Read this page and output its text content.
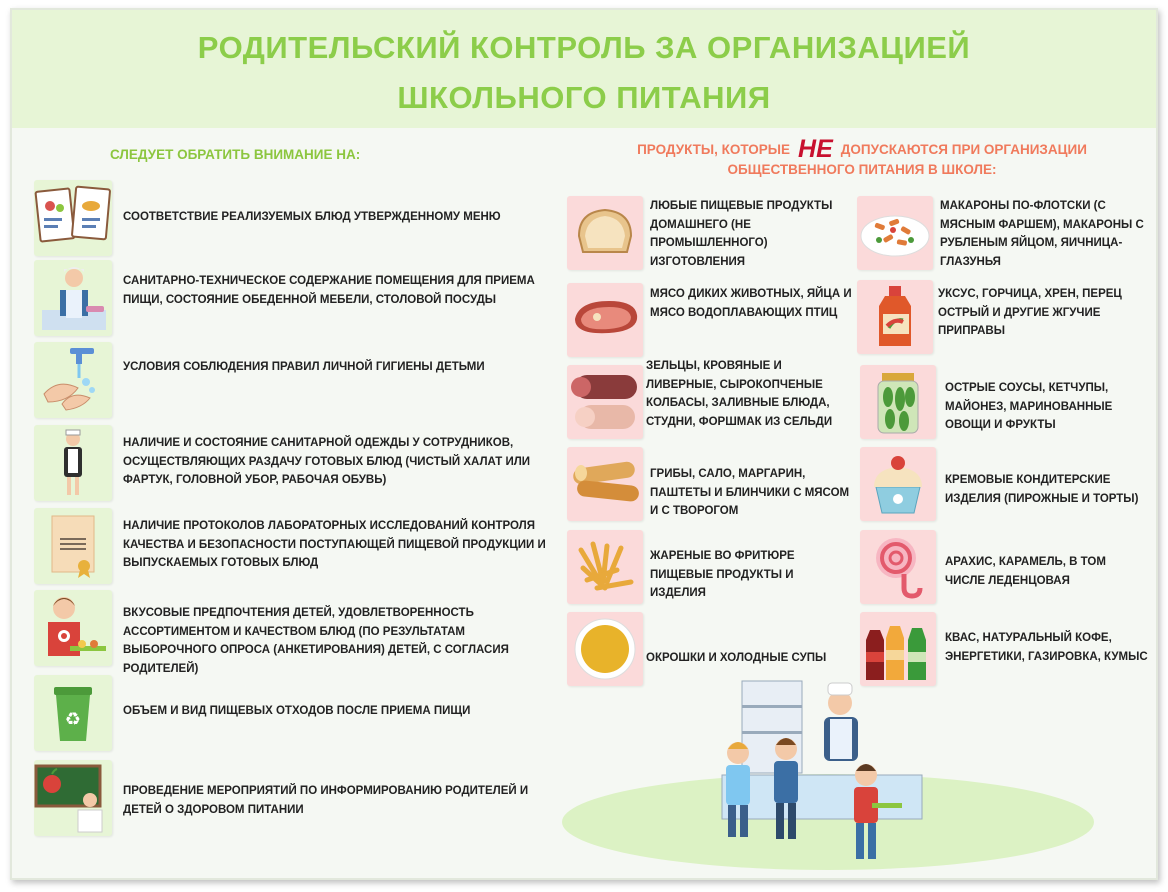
РОДИТЕЛЬСКИЙ КОНТРОЛЬ ЗА ОРГАНИЗАЦИЕЙ
ШКОЛЬНОГО ПИТАНИЯ
СЛЕДУЕТ ОБРАТИТЬ ВНИМАНИЕ НА:	ПРОДУКТЫ, КОТОРЫЕ НЕ ДОПУСКАЮТСЯ ПРИ ОРГАНИЗАЦИИ
ОБЩЕСТВЕННОГО ПИТАНИЯ В ШКОЛЕ:
СООТВЕТСТВИЕ РЕАЛИЗУЕМЫХ БЛЮД УТВЕРЖДЕННОМУ МЕНЮ
САНИТАРНО-ТЕХНИЧЕСКОЕ СОДЕРЖАНИЕ ПОМЕЩЕНИЯ ДЛЯ ПРИЕМА ПИЩИ, СОСТОЯНИЕ ОБЕДЕННОЙ МЕБЕЛИ, СТОЛОВОЙ ПОСУДЫ
УСЛОВИЯ СОБЛЮДЕНИЯ ПРАВИЛ ЛИЧНОЙ ГИГИЕНЫ ДЕТЬМИ
НАЛИЧИЕ И СОСТОЯНИЕ САНИТАРНОЙ ОДЕЖДЫ У СОТРУДНИКОВ, ОСУЩЕСТВЛЯЮЩИХ РАЗДАЧУ ГОТОВЫХ БЛЮД (ЧИСТЫЙ ХАЛАТ ИЛИ ФАРТУК, ГОЛОВНОЙ УБОР, РАБОЧАЯ ОБУВЬ)
НАЛИЧИЕ ПРОТОКОЛОВ ЛАБОРАТОРНЫХ ИССЛЕДОВАНИЙ КОНТРОЛЯ КАЧЕСТВА И БЕЗОПАСНОСТИ ПОСТУПАЮЩЕЙ ПИЩЕВОЙ ПРОДУКЦИИ И ВЫПУСКАЕМЫХ ГОТОВЫХ БЛЮД
ВКУСОВЫЕ ПРЕДПОЧТЕНИЯ ДЕТЕЙ, УДОВЛЕТВОРЕННОСТЬ АССОРТИМЕНТОМ И КАЧЕСТВОМ БЛЮД (ПО РЕЗУЛЬТАТАМ ВЫБОРОЧНОГО ОПРОСА (АНКЕТИРОВАНИЯ) ДЕТЕЙ, С СОГЛАСИЯ РОДИТЕЛЕЙ)
♻	ОБЪЕМ И ВИД ПИЩЕВЫХ ОТХОДОВ ПОСЛЕ ПРИЕМА ПИЩИ
ПРОВЕДЕНИЕ МЕРОПРИЯТИЙ ПО ИНФОРМИРОВАНИЮ РОДИТЕЛЕЙ И ДЕТЕЙ О ЗДОРОВОМ ПИТАНИИ
ЛЮБЫЕ ПИЩЕВЫЕ ПРОДУКТЫ ДОМАШНЕГО (НЕ ПРОМЫШЛЕННОГО) ИЗГОТОВЛЕНИЯ
МЯСО ДИКИХ ЖИВОТНЫХ, ЯЙЦА И МЯСО ВОДОПЛАВАЮЩИХ ПТИЦ
ЗЕЛЬЦЫ, КРОВЯНЫЕ И ЛИВЕРНЫЕ, СЫРОКОПЧЕНЫЕ КОЛБАСЫ, ЗАЛИВНЫЕ БЛЮДА, СТУДНИ, ФОРШМАК ИЗ СЕЛЬДИ
ГРИБЫ, САЛО, МАРГАРИН, ПАШТЕТЫ И БЛИНЧИКИ С МЯСОМ И С ТВОРОГОМ
ЖАРЕНЫЕ ВО ФРИТЮРЕ ПИЩЕВЫЕ ПРОДУКТЫ И ИЗДЕЛИЯ
ОКРОШКИ И ХОЛОДНЫЕ СУПЫ
МАКАРОНЫ ПО-ФЛОТСКИ (С МЯСНЫМ ФАРШЕМ), МАКАРОНЫ С РУБЛЕНЫМ ЯЙЦОМ, ЯИЧНИЦА-ГЛАЗУНЬЯ
УКСУС, ГОРЧИЦА, ХРЕН, ПЕРЕЦ ОСТРЫЙ И ДРУГИЕ ЖГУЧИЕ ПРИПРАВЫ
ОСТРЫЕ СОУСЫ, КЕТЧУПЫ, МАЙОНЕЗ, МАРИНОВАННЫЕ ОВОЩИ И ФРУКТЫ
КРЕМОВЫЕ КОНДИТЕРСКИЕ ИЗДЕЛИЯ (ПИРОЖНЫЕ И ТОРТЫ)
АРАХИС, КАРАМЕЛЬ, В ТОМ ЧИСЛЕ ЛЕДЕНЦОВАЯ
КВАС, НАТУРАЛЬНЫЙ КОФЕ, ЭНЕРГЕТИКИ, ГАЗИРОВКА, КУМЫС
